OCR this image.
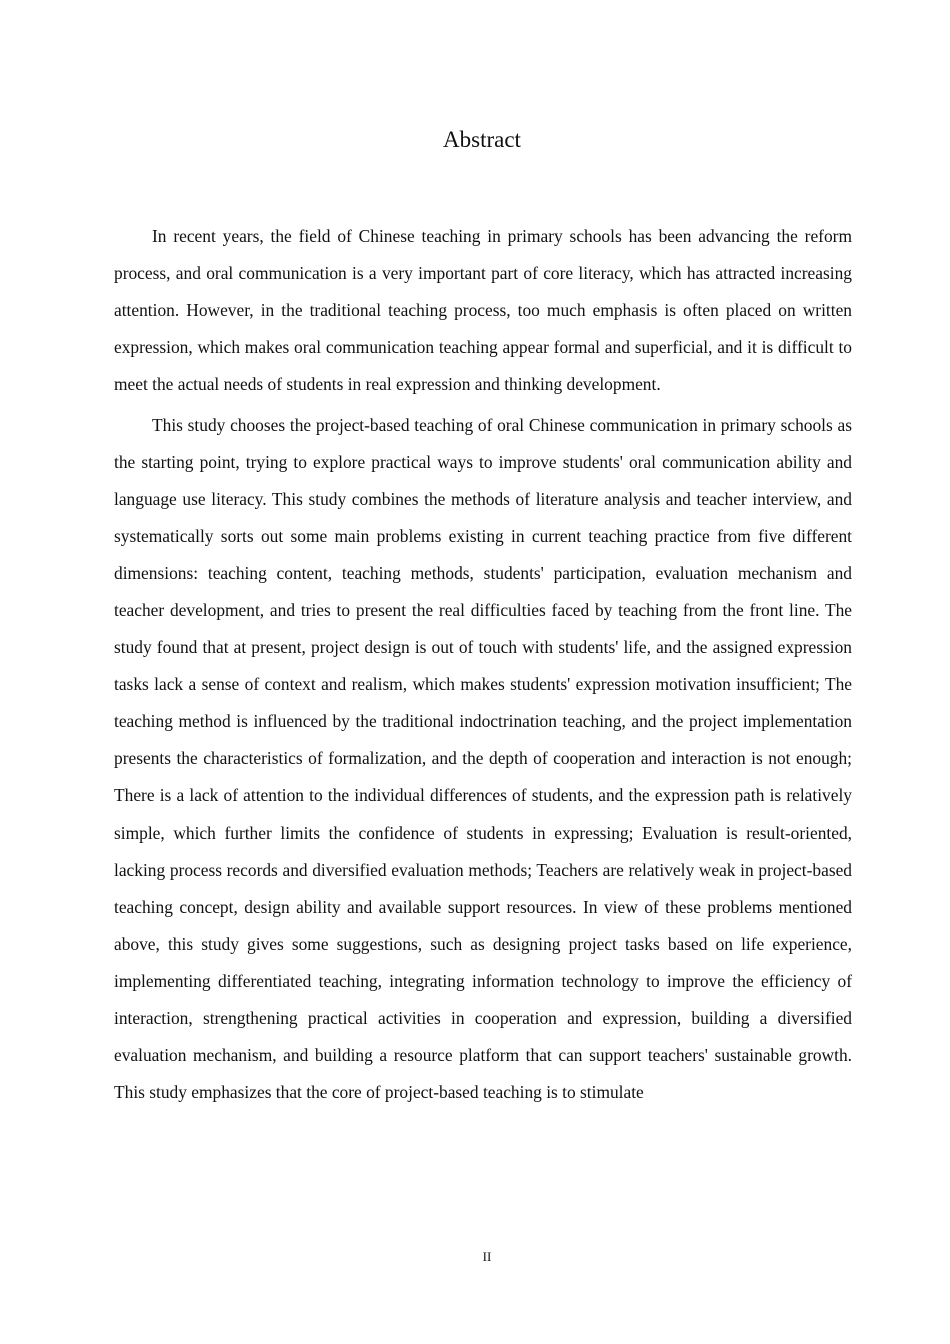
Abstract

In recent years, the field of Chinese teaching in primary schools has been advancing the reform process, and oral communication is a very important part of core literacy, which has attracted increasing attention. However, in the traditional teaching process, too much emphasis is often placed on written expression, which makes oral communication teaching appear formal and superficial, and it is difficult to meet the actual needs of students in real expression and thinking development.

This study chooses the project-based teaching of oral Chinese communication in primary schools as the starting point, trying to explore practical ways to improve students' oral communication ability and language use literacy. This study combines the methods of literature analysis and teacher interview, and systematically sorts out some main problems existing in current teaching practice from five different dimensions: teaching content, teaching methods, students' participation, evaluation mechanism and teacher development, and tries to present the real difficulties faced by teaching from the front line. The study found that at present, project design is out of touch with students' life, and the assigned expression tasks lack a sense of context and realism, which makes students' expression motivation insufficient; The teaching method is influenced by the traditional indoctrination teaching, and the project implementation presents the characteristics of formalization, and the depth of cooperation and interaction is not enough; There is a lack of attention to the individual differences of students, and the expression path is relatively simple, which further limits the confidence of students in expressing; Evaluation is result-oriented, lacking process records and diversified evaluation methods; Teachers are relatively weak in project-based teaching concept, design ability and available support resources. In view of these problems mentioned above, this study gives some suggestions, such as designing project tasks based on life experience, implementing differentiated teaching, integrating information technology to improve the efficiency of interaction, strengthening practical activities in cooperation and expression, building a diversified evaluation mechanism, and building a resource platform that can support teachers' sustainable growth. This study emphasizes that the core of project-based teaching is to stimulate

II
